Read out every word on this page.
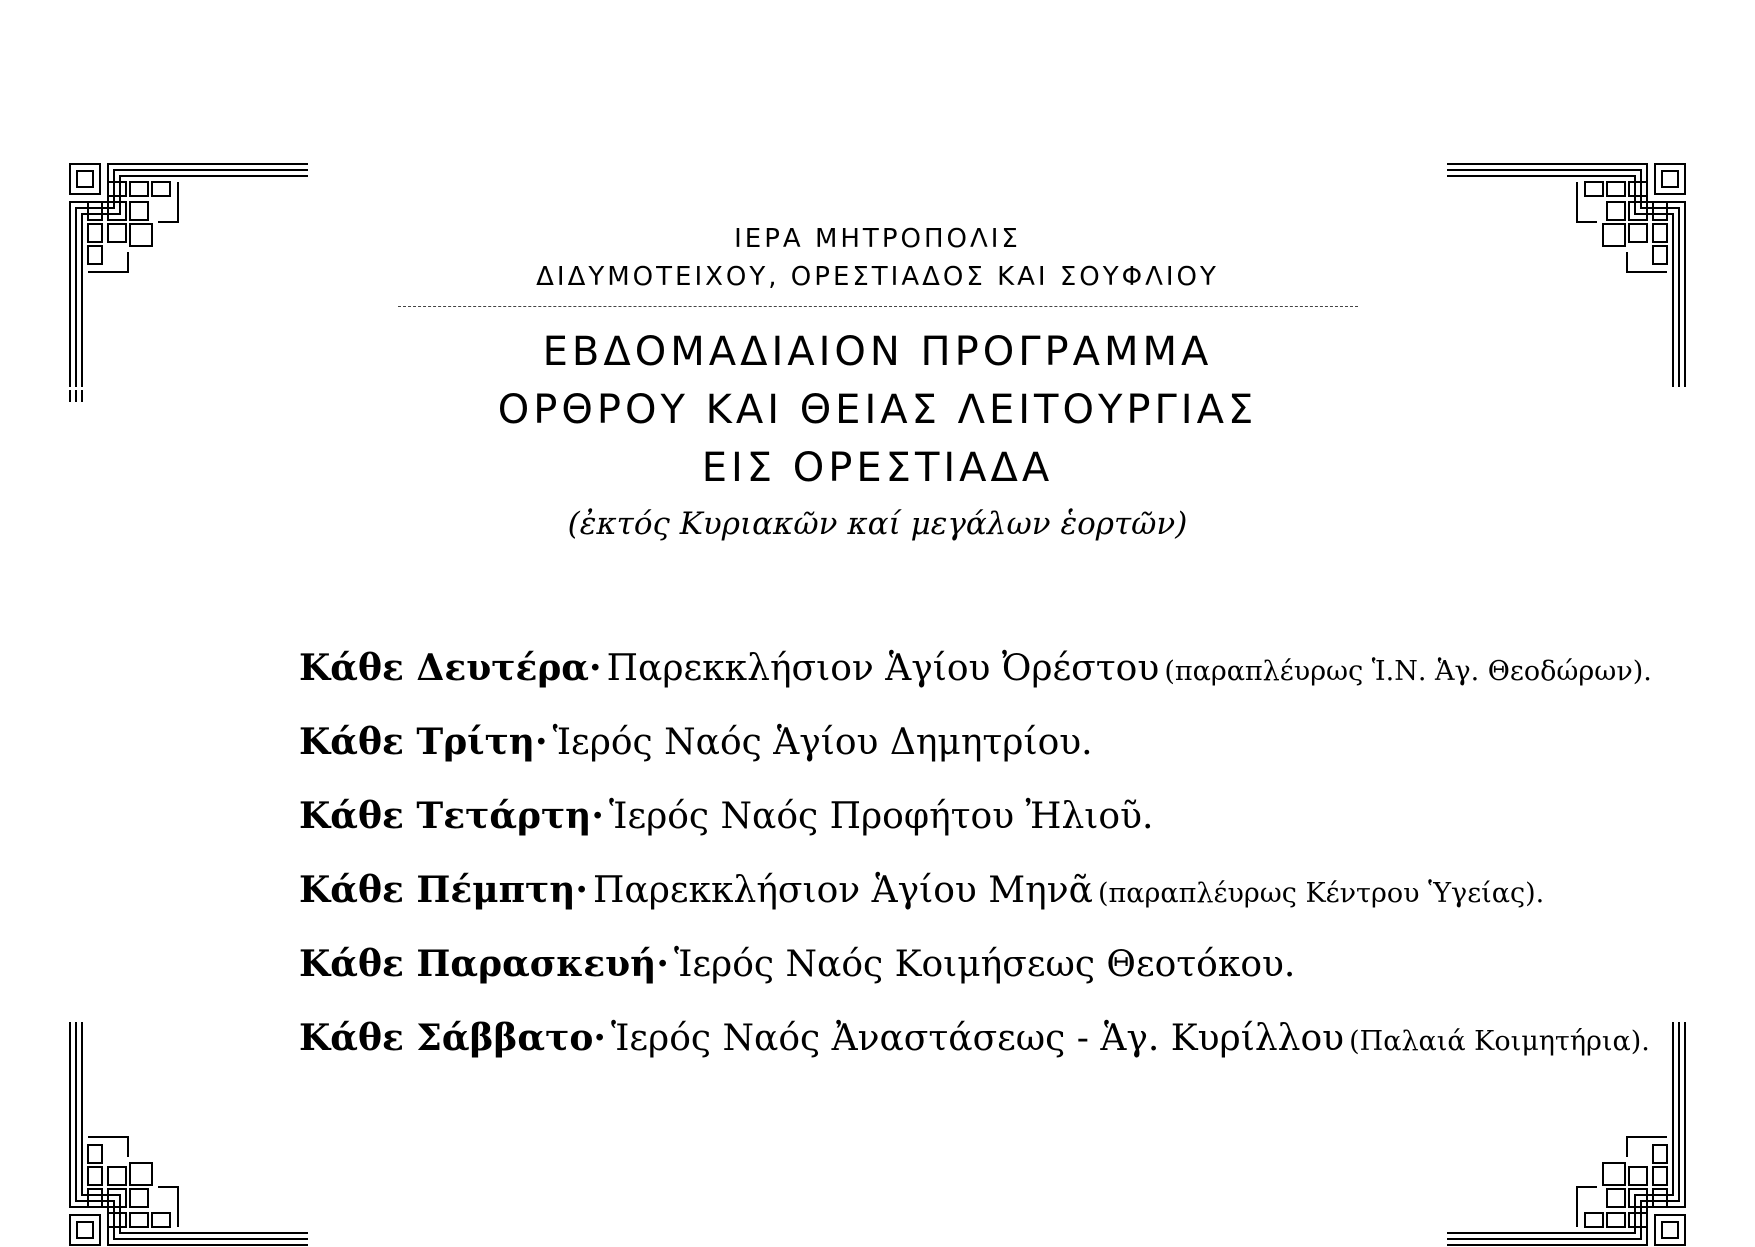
ΙΕΡΑ ΜΗΤΡΟΠΟΛΙΣ
ΔΙΔΥΜΟΤΕΙΧΟΥ, ΟΡΕΣΤΙΑΔΟΣ ΚΑΙ ΣΟΥΦΛΙΟΥ
ΕΒΔΟΜΑΔΙΑΙΟΝ ΠΡΟΓΡΑΜΜΑ
ΟΡΘΡΟΥ ΚΑΙ ΘΕΙΑΣ ΛΕΙΤΟΥΡΓΙΑΣ
ΕΙΣ ΟΡΕΣΤΙΑΔΑ
(ἐκτός Κυριακῶν καί μεγάλων ἑορτῶν)
Κάθε Δευτέρα· Παρεκκλήσιον Ἁγίου Ὀρέστου (παραπλέυρως Ἱ.Ν. Ἁγ. Θεοδώρων).
Κάθε Τρίτη· Ἱερός Ναός Ἁγίου Δημητρίου.
Κάθε Τετάρτη· Ἱερός Ναός Προφήτου Ἠλιοῦ.
Κάθε Πέμπτη· Παρεκκλήσιον Ἁγίου Μηνᾶ (παραπλέυρως Κέντρου Ὑγείας).
Κάθε Παρασκευή· Ἱερός Ναός Κοιμήσεως Θεοτόκου.
Κάθε Σάββατο· Ἱερός Ναός Ἀναστάσεως - Ἁγ. Κυρίλλου (Παλαιά Κοιμητήρια).
